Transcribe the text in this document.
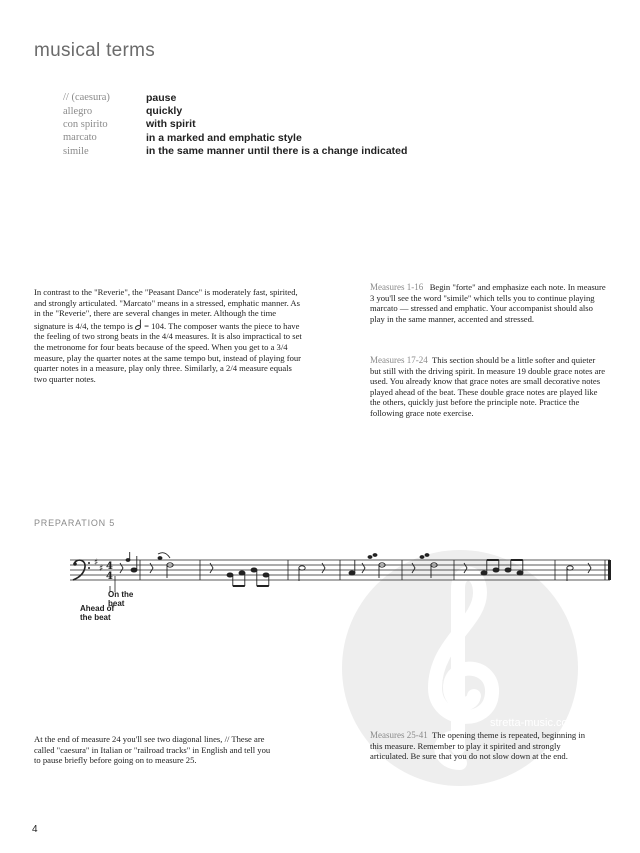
stretta-music.com
musical terms
// (caesura)	pause
allegro	quickly
con spirito	with spirit
marcato	in a marked and emphatic style
simile	in the same manner until there is a change indicated
In contrast to the "Reverie", the "Peasant Dance" is moderately fast, spirited, and strongly articulated. "Marcato" means in a stressed, emphatic manner. As in the "Reverie", there are several changes in meter. Although the time signature is 4/4, the tempo is  = 104. The composer wants the piece to have the feeling of two strong beats in the 4/4 measures. It is also impractical to set the metronome for four beats because of the speed. When you get to a 3/4 measure, play the quarter notes at the same tempo but, instead of playing four quarter notes in a measure, play only three. Similarly, a 2/4 measure equals two quarter notes.
Measures 1-16 Begin "forte" and emphasize each note. In measure 3 you'll see the word "simile" which tells you to continue playing marcato — stressed and emphatic. Your accompanist should also play in the same manner, accented and stressed.
Measures 17-24 This section should be a little softer and quieter but still with the driving spirit. In measure 19 double grace notes are used. You already know that grace notes are small decorative notes played ahead of the beat. These double grace notes are played like the others, quickly just before the principle note. Practice the following grace note exercise.
PREPARATION 5
♯
♯ 4
4
On the beat
Ahead of the beat
At the end of measure 24 you'll see two diagonal lines, // These are called "caesura" in Italian or "railroad tracks" in English and tell you to pause briefly before going on to measure 25.
Measures 25-41 The opening theme is repeated, beginning in this measure. Remember to play it spirited and strongly articulated. Be sure that you do not slow down at the end.
4
